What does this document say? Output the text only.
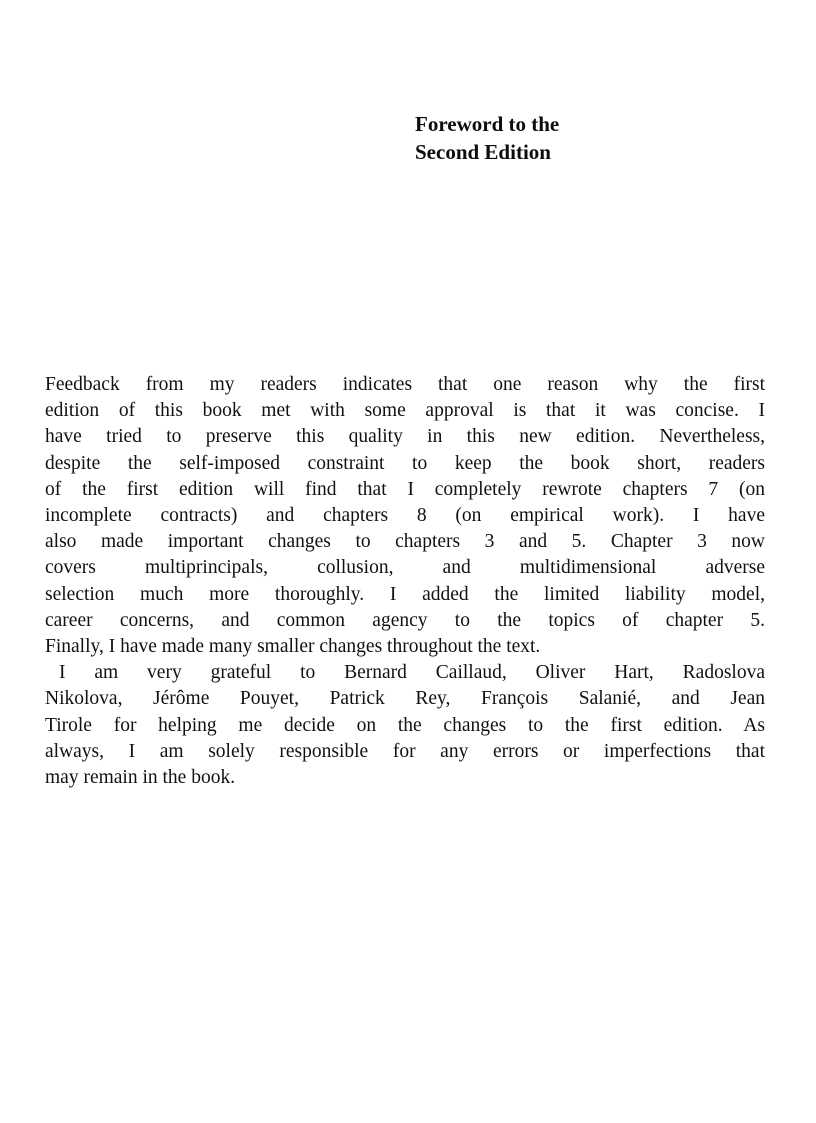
Foreword to the
Second Edition
Feedback from my readers indicates that one reason why the first
edition of this book met with some approval is that it was concise. I
have tried to preserve this quality in this new edition. Nevertheless,
despite the self-imposed constraint to keep the book short, readers
of the first edition will find that I completely rewrote chapters 7 (on
incomplete contracts) and chapters 8 (on empirical work). I have
also made important changes to chapters 3 and 5. Chapter 3 now
covers multiprincipals, collusion, and multidimensional adverse
selection much more thoroughly. I added the limited liability model,
career concerns, and common agency to the topics of chapter 5.
Finally, I have made many smaller changes throughout the text.
I am very grateful to Bernard Caillaud, Oliver Hart, Radoslova
Nikolova, Jérôme Pouyet, Patrick Rey, François Salanié, and Jean
Tirole for helping me decide on the changes to the first edition. As
always, I am solely responsible for any errors or imperfections that
may remain in the book.
